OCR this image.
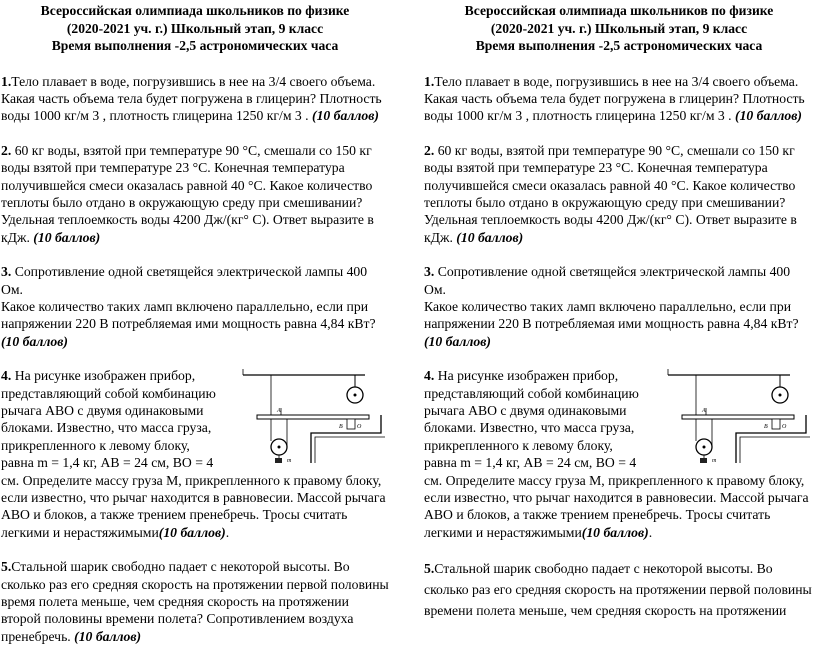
Всероссийская олимпиада школьников по физике
(2020-2021 уч. г.) Школьный этап, 9 класс
Время выполнения -2,5 астрономических часа
1.Тело плавает в воде, погрузившись в нее на 3/4 своего объема.
Какая часть объема тела будет погружена в глицерин? Плотность
воды 1000 кг/м 3 , плотность глицерина 1250 кг/м 3 . (10 баллов)
2. 60 кг воды, взятой при температуре 90 °С, смешали со 150 кг
воды взятой при температуре 23 °С. Конечная температура
получившейся смеси оказалась равной 40 °С. Какое количество
теплоты было отдано в окружающую среду при смешивании?
Удельная теплоемкость воды 4200 Дж/(кг° С). Ответ выразите в
кДж. (10 баллов)
3. Сопротивление одной светящейся электрической лампы 400 Ом.
Какое количество таких ламп включено параллельно, если при
напряжении 220 В потребляемая ими мощность равна 4,84 кВт?
(10 баллов)
A
B O
m
4. На рисунке изображен прибор,
представляющий собой комбинацию
рычага АВО с двумя одинаковыми
блоками. Известно, что масса груза,
прикрепленного к левому блоку,
равна m = 1,4 кг, АВ = 24 см, ВО = 4
см. Определите массу груза М, прикрепленного к правому блоку,
если известно, что рычаг находится в равновесии. Массой рычага
АВО и блоков, а также трением пренебречь. Тросы считать
легкими и нерастяжимыми(10 баллов).
5.Стальной шарик свободно падает с некоторой высоты. Во
сколько раз его средняя скорость на протяжении первой половины
время полета меньше, чем средняя скорость на протяжении
второй половины времени полета? Сопротивлением воздуха
пренебречь. (10 баллов)
Всероссийская олимпиада школьников по физике
(2020-2021 уч. г.) Школьный этап, 9 класс
Время выполнения -2,5 астрономических часа
1.Тело плавает в воде, погрузившись в нее на 3/4 своего объема.
Какая часть объема тела будет погружена в глицерин? Плотность
воды 1000 кг/м 3 , плотность глицерина 1250 кг/м 3 . (10 баллов)
2. 60 кг воды, взятой при температуре 90 °С, смешали со 150 кг
воды взятой при температуре 23 °С. Конечная температура
получившейся смеси оказалась равной 40 °С. Какое количество
теплоты было отдано в окружающую среду при смешивании?
Удельная теплоемкость воды 4200 Дж/(кг° С). Ответ выразите в
кДж. (10 баллов)
3. Сопротивление одной светящейся электрической лампы 400 Ом.
Какое количество таких ламп включено параллельно, если при
напряжении 220 В потребляемая ими мощность равна 4,84 кВт?
(10 баллов)
A
B O
m
4. На рисунке изображен прибор,
представляющий собой комбинацию
рычага АВО с двумя одинаковыми
блоками. Известно, что масса груза,
прикрепленного к левому блоку,
равна m = 1,4 кг, АВ = 24 см, ВО = 4
см. Определите массу груза М, прикрепленного к правому блоку,
если известно, что рычаг находится в равновесии. Массой рычага
АВО и блоков, а также трением пренебречь. Тросы считать
легкими и нерастяжимыми(10 баллов).
5.Стальной шарик свободно падает с некоторой высоты. Во
сколько раз его средняя скорость на протяжении первой половины
времени полета меньше, чем средняя скорость на протяжении
